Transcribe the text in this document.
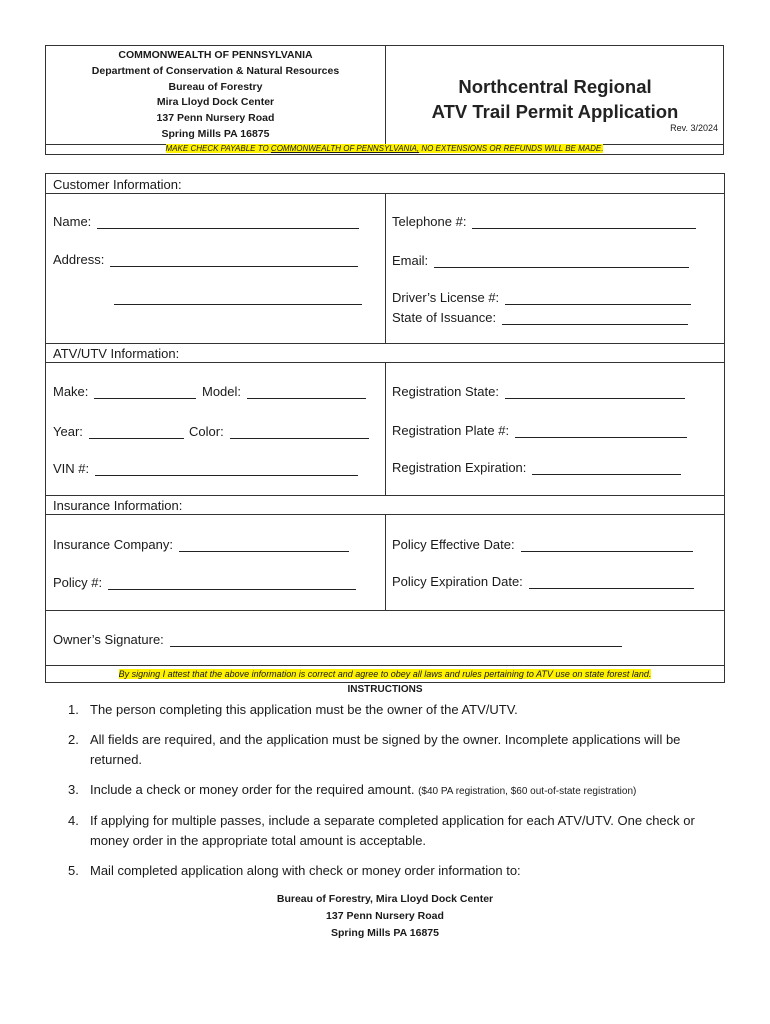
COMMONWEALTH OF PENNSYLVANIA
Department of Conservation & Natural Resources
Bureau of Forestry
Mira Lloyd Dock Center
137 Penn Nursery Road
Spring Mills PA 16875
Northcentral Regional
ATV Trail Permit Application
Rev. 3/2024
MAKE CHECK PAYABLE TO COMMONWEALTH OF PENNSYLVANIA, NO EXTENSIONS OR REFUNDS WILL BE MADE.
Customer Information:
Name:	Telephone #:
Address:	Email:
Driver’s License #:
State of Issuance:
ATV/UTV Information:
Make:	Model:	Registration State:
Year:	Color:	Registration Plate #:
VIN #:	Registration Expiration:
Insurance Information:
Insurance Company:	Policy Effective Date:
Policy #:	Policy Expiration Date:
Owner’s Signature:
By signing I attest that the above information is correct and agree to obey all laws and rules pertaining to ATV use on state forest land.
INSTRUCTIONS
1. The person completing this application must be the owner of the ATV/UTV.
2. All fields are required, and the application must be signed by the owner. Incomplete applications will be returned.
3. Include a check or money order for the required amount. ($40 PA registration, $60 out-of-state registration)
4. If applying for multiple passes, include a separate completed application for each ATV/UTV. One check or money order in the appropriate total amount is acceptable.
5. Mail completed application along with check or money order information to:
Bureau of Forestry, Mira Lloyd Dock Center
137 Penn Nursery Road
Spring Mills PA 16875
